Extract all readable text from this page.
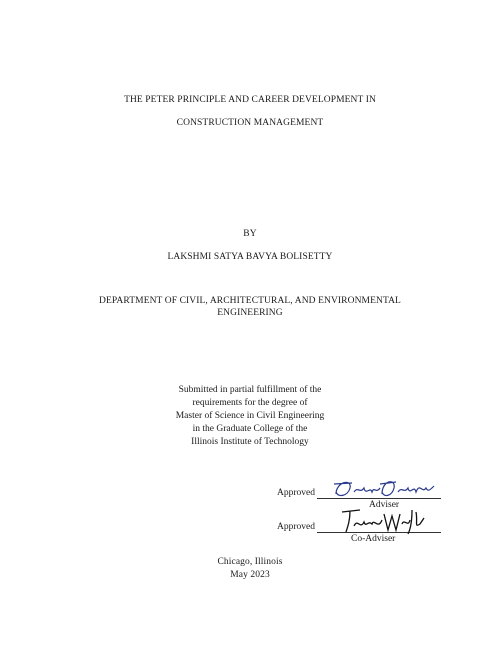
THE PETER PRINCIPLE AND CAREER DEVELOPMENT IN
CONSTRUCTION MANAGEMENT
BY
LAKSHMI SATYA BAVYA BOLISETTY
DEPARTMENT OF CIVIL, ARCHITECTURAL, AND ENVIRONMENTAL
ENGINEERING
Submitted in partial fulfillment of the
requirements for the degree of
Master of Science in Civil Engineering
in the Graduate College of the
Illinois Institute of Technology
Approved
Adviser
Approved
Co-Adviser
Chicago, Illinois
May 2023
